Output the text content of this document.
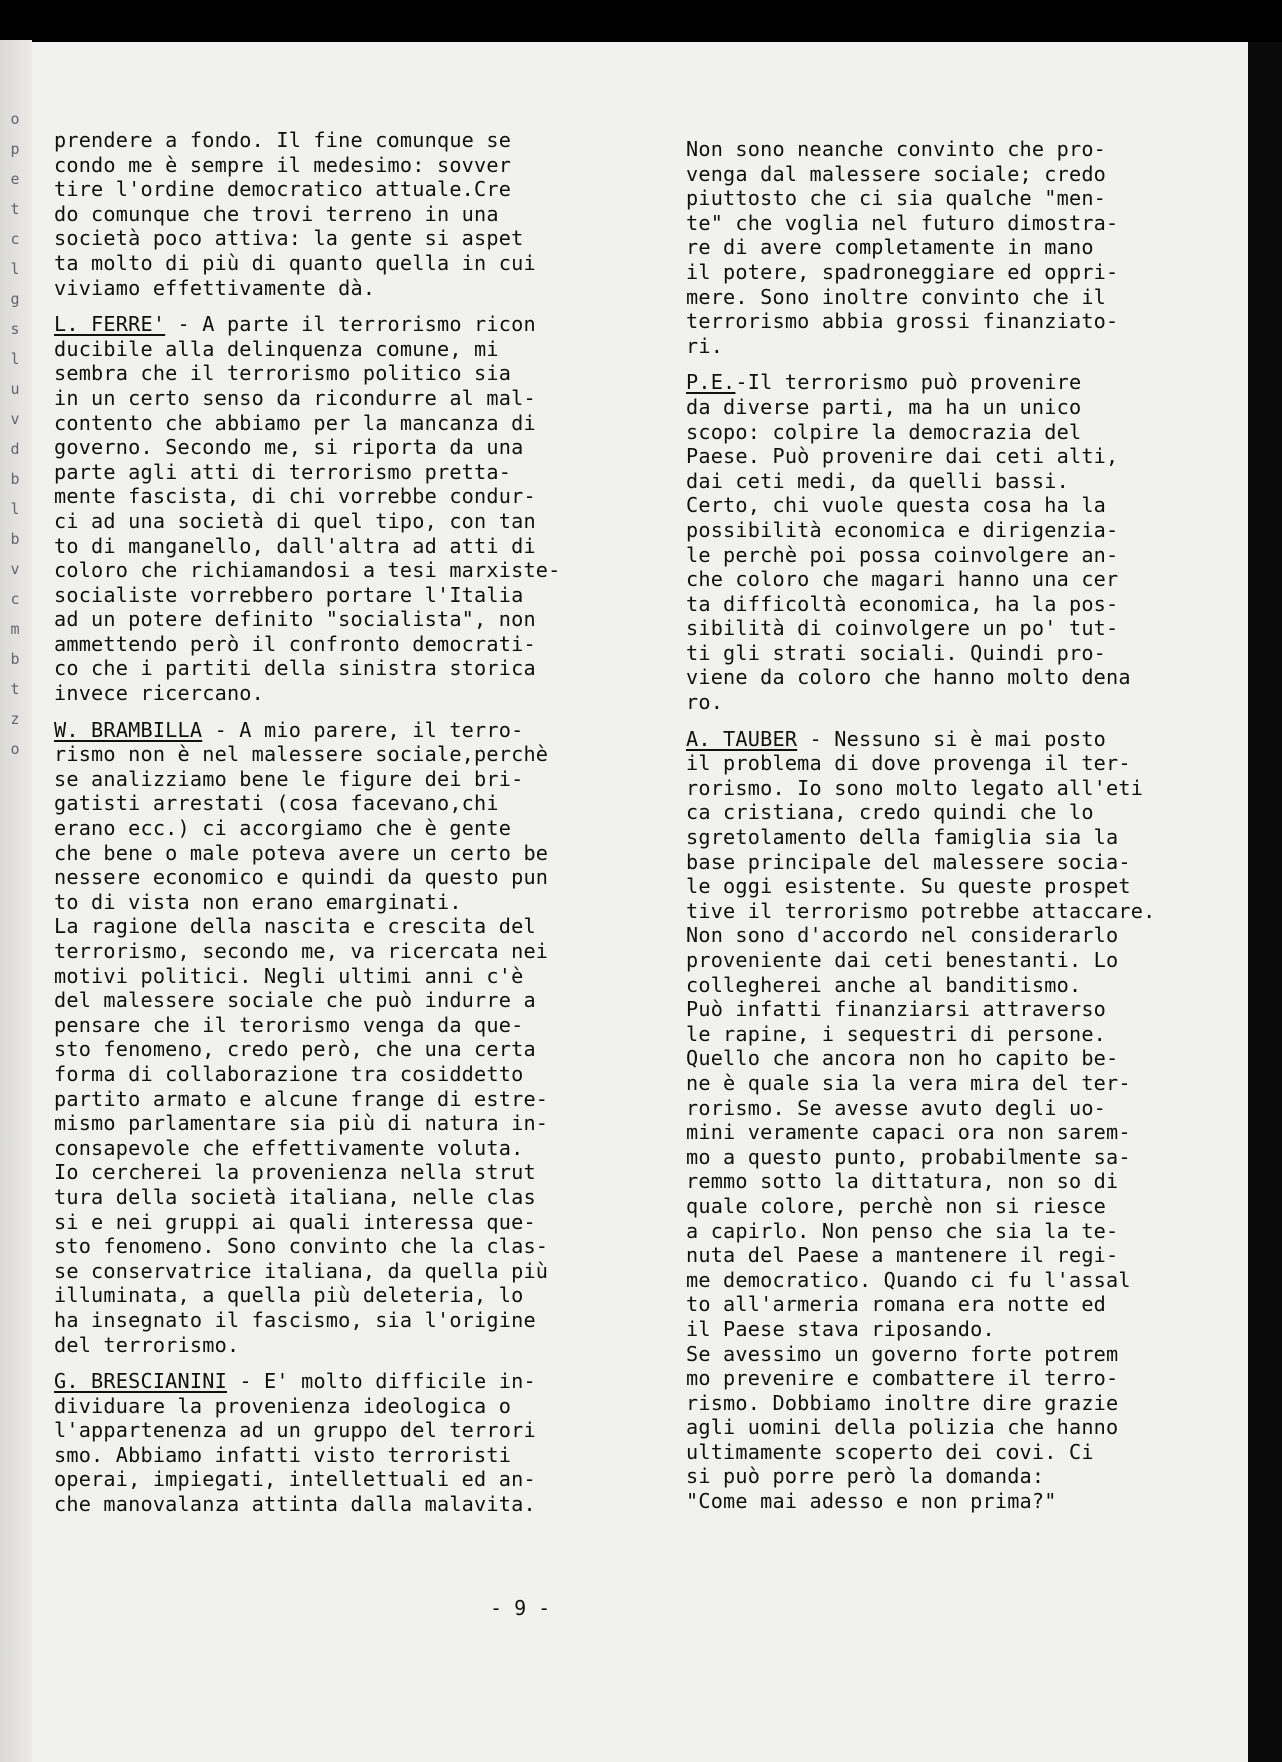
o
p
e
t
c
l
g
s
l
u
v
d
b
l
b
v
c
m
b
t
z
o

prendere a fondo. Il fine comunque se
condo me è sempre il medesimo: sovver
tire l'ordine democratico attuale.Cre
do comunque che trovi terreno in una
società poco attiva: la gente si aspet
ta molto di più di quanto quella in cui
viviamo effettivamente dà.

L. FERRE' - A parte il terrorismo ricon
ducibile alla delinquenza comune, mi
sembra che il terrorismo politico sia
in un certo senso da ricondurre al mal-
contento che abbiamo per la mancanza di
governo. Secondo me, si riporta da una
parte agli atti di terrorismo pretta-
mente fascista, di chi vorrebbe condur-
ci ad una società di quel tipo, con tan
to di manganello, dall'altra ad atti di
coloro che richiamandosi a tesi marxiste-
socialiste vorrebbero portare l'Italia
ad un potere definito "socialista", non
ammettendo però il confronto democrati-
co che i partiti della sinistra storica
invece ricercano.

W. BRAMBILLA - A mio parere, il terro-
rismo non è nel malessere sociale,perchè
se analizziamo bene le figure dei bri-
gatisti arrestati (cosa facevano,chi
erano ecc.) ci accorgiamo che è gente
che bene o male poteva avere un certo be
nessere economico e quindi da questo pun
to di vista non erano emarginati.
La ragione della nascita e crescita del
terrorismo, secondo me, va ricercata nei
motivi politici. Negli ultimi anni c'è
del malessere sociale che può indurre a
pensare che il terorismo venga da que-
sto fenomeno, credo però, che una certa
forma di collaborazione tra cosiddetto
partito armato e alcune frange di estre-
mismo parlamentare sia più di natura in-
consapevole che effettivamente voluta.
Io cercherei la provenienza nella strut
tura della società italiana, nelle clas
si e nei gruppi ai quali interessa que-
sto fenomeno. Sono convinto che la clas-
se conservatrice italiana, da quella più
illuminata, a quella più deleteria, lo
ha insegnato il fascismo, sia l'origine
del terrorismo.

G. BRESCIANINI - E' molto difficile in-
dividuare la provenienza ideologica o
l'appartenenza ad un gruppo del terrori
smo. Abbiamo infatti visto terroristi
operai, impiegati, intellettuali ed an-
che manovalanza attinta dalla malavita.

Non sono neanche convinto che pro-
venga dal malessere sociale; credo
piuttosto che ci sia qualche "men-
te" che voglia nel futuro dimostra-
re di avere completamente in mano
il potere, spadroneggiare ed oppri-
mere. Sono inoltre convinto che il
terrorismo abbia grossi finanziato-
ri.

P.E.-Il terrorismo può provenire
da diverse parti, ma ha un unico
scopo: colpire la democrazia del
Paese. Può provenire dai ceti alti,
dai ceti medi, da quelli bassi.
Certo, chi vuole questa cosa ha la
possibilità economica e dirigenzia-
le perchè poi possa coinvolgere an-
che coloro che magari hanno una cer
ta difficoltà economica, ha la pos-
sibilità di coinvolgere un po' tut-
ti gli strati sociali. Quindi pro-
viene da coloro che hanno molto dena
ro.

A. TAUBER - Nessuno si è mai posto
il problema di dove provenga il ter-
rorismo. Io sono molto legato all'eti
ca cristiana, credo quindi che lo
sgretolamento della famiglia sia la
base principale del malessere socia-
le oggi esistente. Su queste prospet
tive il terrorismo potrebbe attaccare.
Non sono d'accordo nel considerarlo
proveniente dai ceti benestanti. Lo
collegherei anche al banditismo.
Può infatti finanziarsi attraverso
le rapine, i sequestri di persone.
Quello che ancora non ho capito be-
ne è quale sia la vera mira del ter-
rorismo. Se avesse avuto degli uo-
mini veramente capaci ora non sarem-
mo a questo punto, probabilmente sa-
remmo sotto la dittatura, non so di
quale colore, perchè non si riesce
a capirlo. Non penso che sia la te-
nuta del Paese a mantenere il regi-
me democratico. Quando ci fu l'assal
to all'armeria romana era notte ed
il Paese stava riposando.
Se avessimo un governo forte potrem
mo prevenire e combattere il terro-
rismo. Dobbiamo inoltre dire grazie
agli uomini della polizia che hanno
ultimamente scoperto dei covi. Ci
si può porre però la domanda:
"Come mai adesso e non prima?"

- 9 -
